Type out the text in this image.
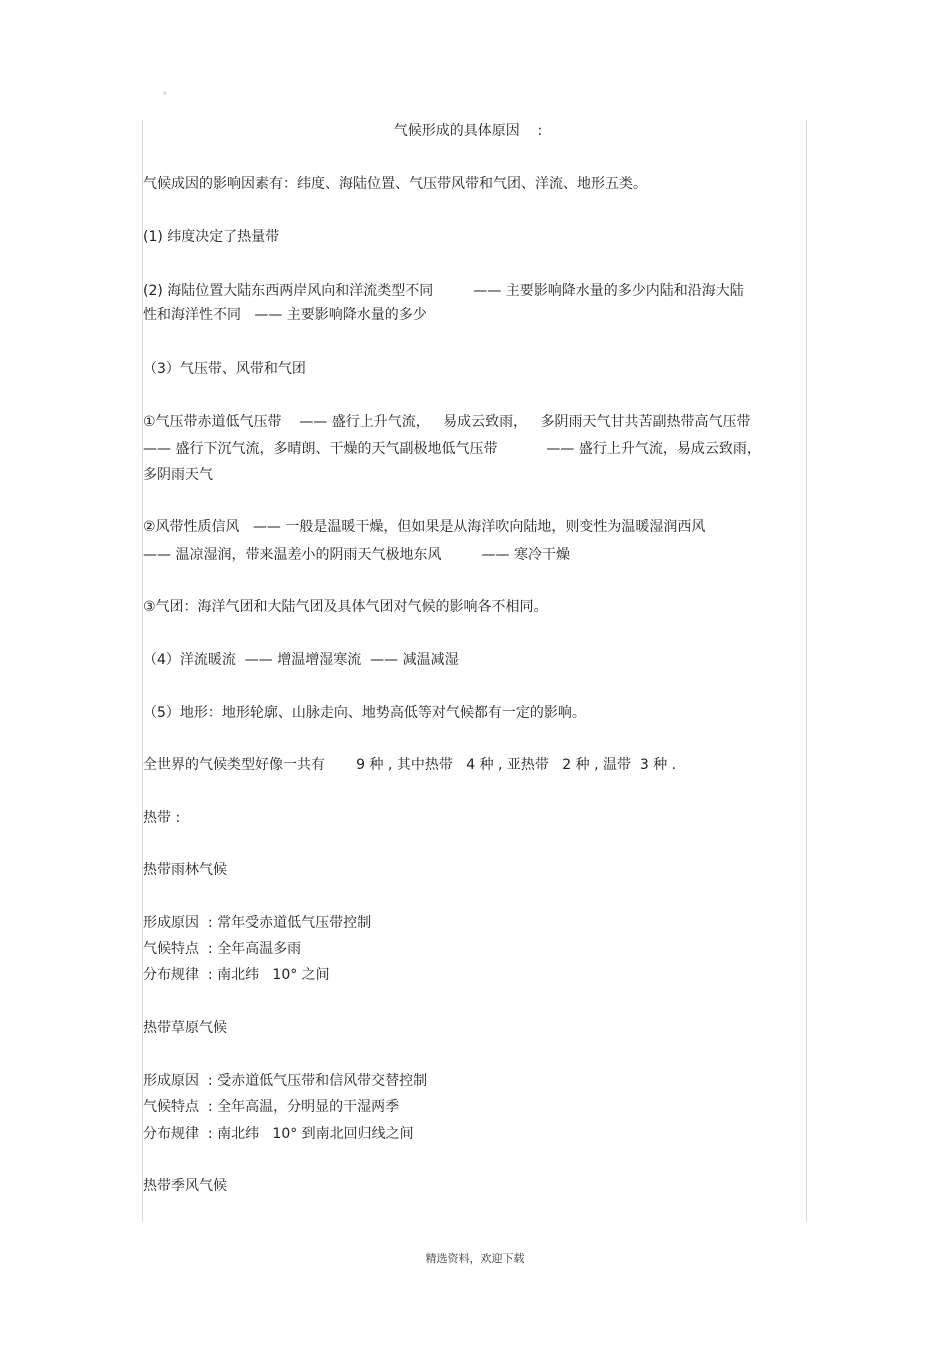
。
气候形成的具体原因    :
气候成因的影响因素有：纬度、海陆位置、气压带风带和气团、洋流、地形五类。
(1) 纬度决定了热量带
(2) 海陆位置大陆东西两岸风向和洋流类型不同         —— 主要影响降水量的多少内陆和沿海大陆
性和海洋性不同   —— 主要影响降水量的多少
（3）气压带、风带和气团
①气压带赤道低气压带    —— 盛行上升气流，   易成云致雨，   多阴雨天气甘共苦副热带高气压带
—— 盛行下沉气流，多晴朗、干燥的天气副极地低气压带           —— 盛行上升气流，易成云致雨，
多阴雨天气
②风带性质信风   —— 一般是温暖干燥，但如果是从海洋吹向陆地，则变性为温暖湿润西风
—— 温凉湿润，带来温差小的阴雨天气极地东风         —— 寒冷干燥
③气团：海洋气团和大陆气团及具体气团对气候的影响各不相同。
（4）洋流暖流  —— 增温增湿寒流  —— 减温减湿
（5）地形：地形轮廓、山脉走向、地势高低等对气候都有一定的影响。
全世界的气候类型好像一共有       9 种 , 其中热带   4 种 , 亚热带   2 种 , 温带  3 种 .
热带 :
热带雨林气候
形成原因  : 常年受赤道低气压带控制
气候特点  : 全年高温多雨
分布规律  : 南北纬   10° 之间
热带草原气候
形成原因  : 受赤道低气压带和信风带交替控制
气候特点  : 全年高温，分明显的干湿两季
分布规律  : 南北纬   10° 到南北回归线之间
热带季风气候
精选资料，欢迎下载
